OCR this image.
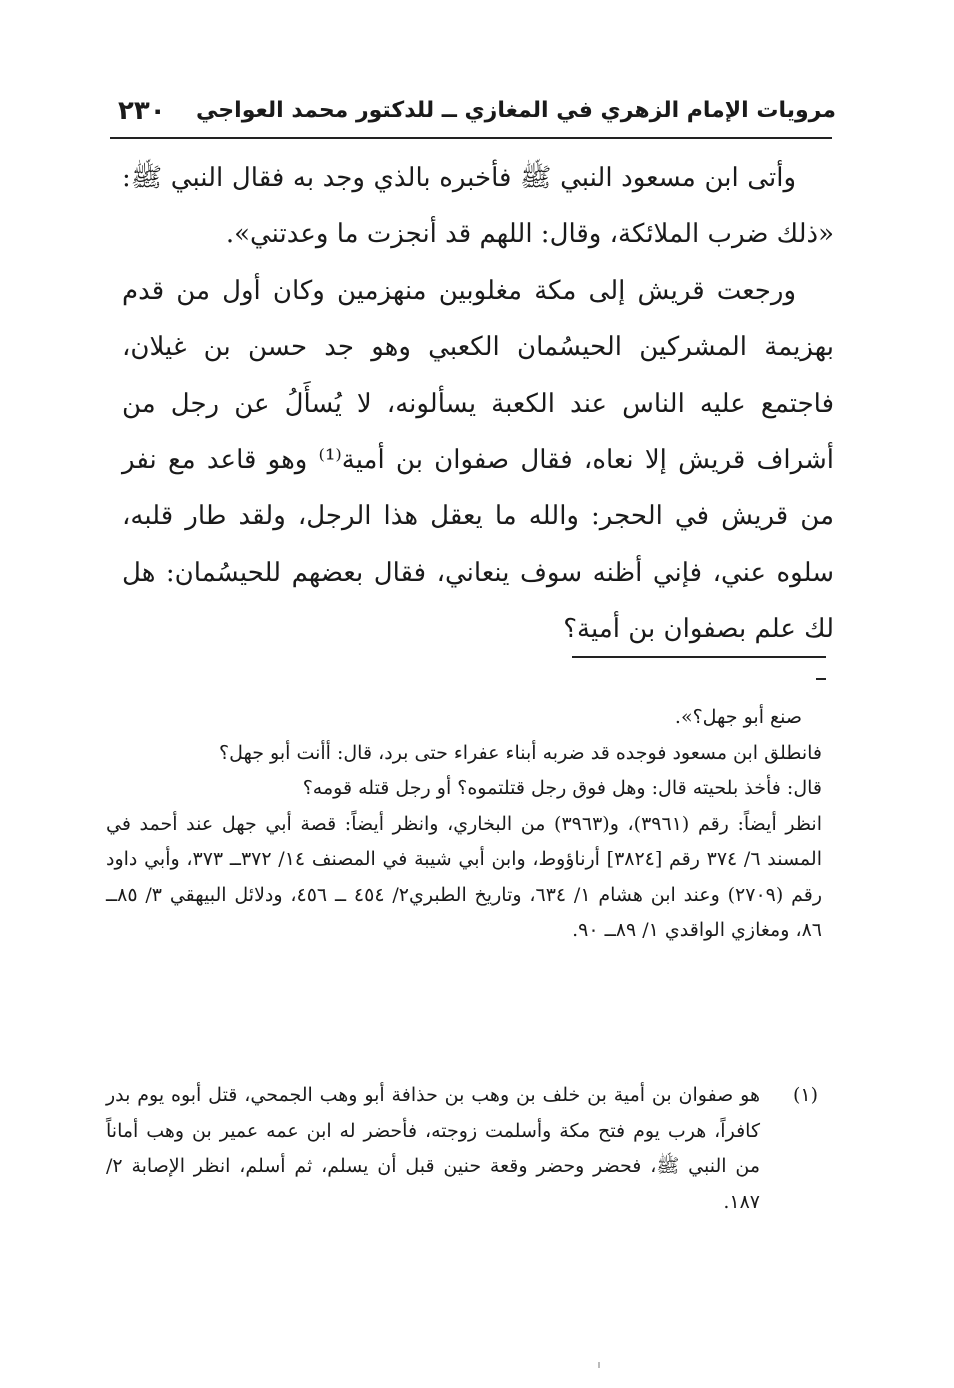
مرويات الإمام الزهري في المغازي ــ للدكتور محمد العواجي
٢٣٠

وأتى ابن مسعود النبي ﷺ فأخبره بالذي وجد به فقال النبي ﷺ: «ذلك ضرب الملائكة، وقال: اللهم قد أنجزت ما وعدتني».

ورجعت قريش إلى مكة مغلوبين منهزمين وكان أول من قدم بهزيمة المشركين الحيسُمان الكعبي وهو جد حسن بن غيلان، فاجتمع عليه الناس عند الكعبة يسألونه، لا يُسأَلُ عن رجل من أشراف قريش إلا نعاه، فقال صفوان بن أمية⁽¹⁾ وهو قاعد مع نفر من قريش في الحجر: والله ما يعقل هذا الرجل، ولقد طار قلبه، سلوه عني، فإني أظنه سوف ينعاني، فقال بعضهم للحيسُمان: هل لك علم بصفوان بن أمية؟

صنع أبو جهل؟».

فانطلق ابن مسعود فوجده قد ضربه أبناء عفراء حتى برد، قال: أأنت أبو جهل؟

قال: فأخذ بلحيته قال: وهل فوق رجل قتلتموه؟ أو رجل قتله قومه؟

انظر أيضاً: رقم (٣٩٦١)، و(٣٩٦٣) من البخاري، وانظر أيضاً: قصة أبي جهل عند أحمد في المسند ٦/ ٣٧٤ رقم [٣٨٢٤] أرناؤوط، وابن أبي شيبة في المصنف ١٤/ ٣٧٢ــ ٣٧٣، وأبي داود رقم (٢٧٠٩) وعند ابن هشام ١/ ٦٣٤، وتاريخ الطبري٢/ ٤٥٤ ــ ٤٥٦، ودلائل البيهقي ٣/ ٨٥ــ ٨٦، ومغازي الواقدي ١/ ٨٩ــ ٩٠.

(١)

هو صفوان بن أمية بن خلف بن وهب بن حذافة أبو وهب الجمحي، قتل أبوه يوم بدر كافراً، هرب يوم فتح مكة وأسلمت زوجته، فأحضر له ابن عمه عمير بن وهب أماناً من النبي ﷺ، فحضر وحضر وقعة حنين قبل أن يسلم، ثم أسلم، انظر الإصابة ٢/ ١٨٧.
